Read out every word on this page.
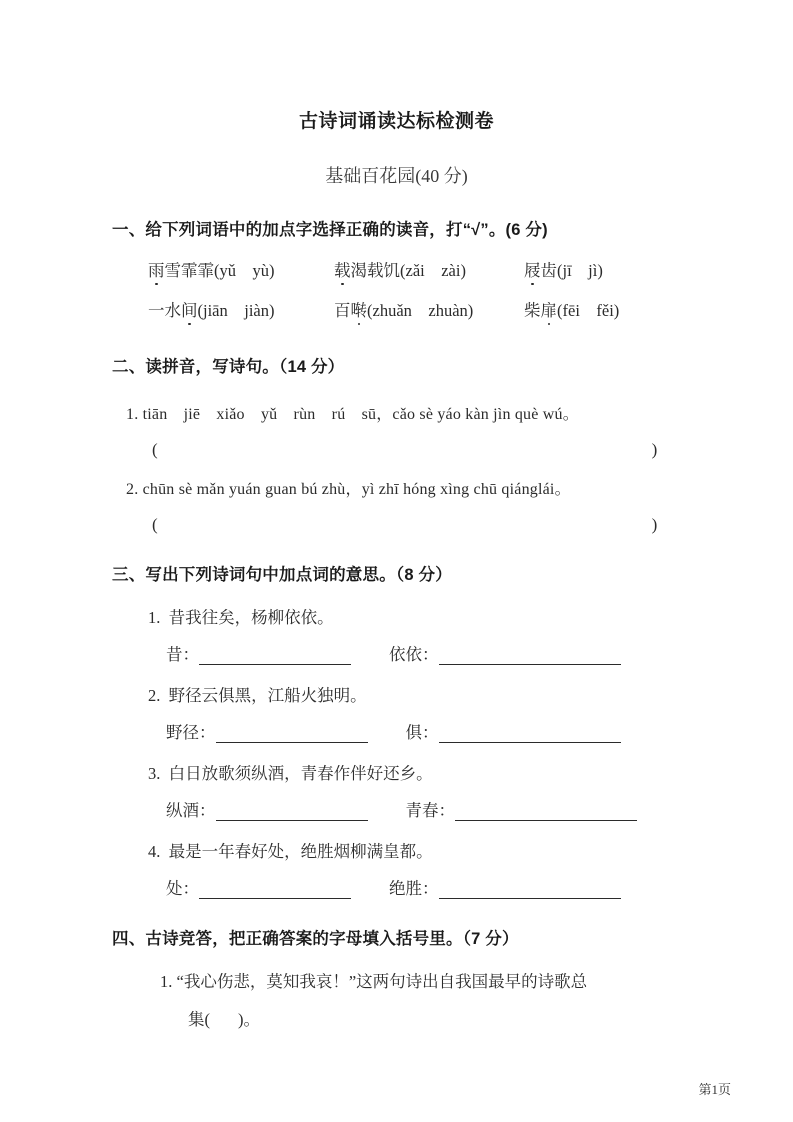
古诗词诵读达标检测卷
基础百花园(40 分)
一、给下列词语中的加点字选择正确的读音，打“√”。(6 分)
雨雪霏霏(yǔ　yù)	载渴载饥(zǎi　zài)	屐齿(jī　jì)
一水间(jiān　jiàn)	百啭(zhuǎn　zhuàn)	柴扉(fēi　fěi)
二、读拼音，写诗句。（14 分）
1. tiān　jiē　xiǎo　yǔ　rùn　rú　sū，cǎo sè yáo kàn jìn què wú。
(	)
2. chūn sè mǎn yuán guan bú zhù，yì zhī hóng xìng chū qiánglái。
(	)
三、写出下列诗词句中加点词的意思。（8 分）
1. 昔我往矣，杨柳依依。
昔：	依依：
2. 野径云俱黑，江船火独明。
野径：	俱：
3. 白日放歌须纵酒，青春作伴好还乡。
纵酒：	青春：
4. 最是一年春好处，绝胜烟柳满皇都。
处：	绝胜：
四、古诗竞答，把正确答案的字母填入括号里。（7 分）
1. “我心伤悲，莫知我哀！”这两句诗出自我国最早的诗歌总
集( )。
第1页
